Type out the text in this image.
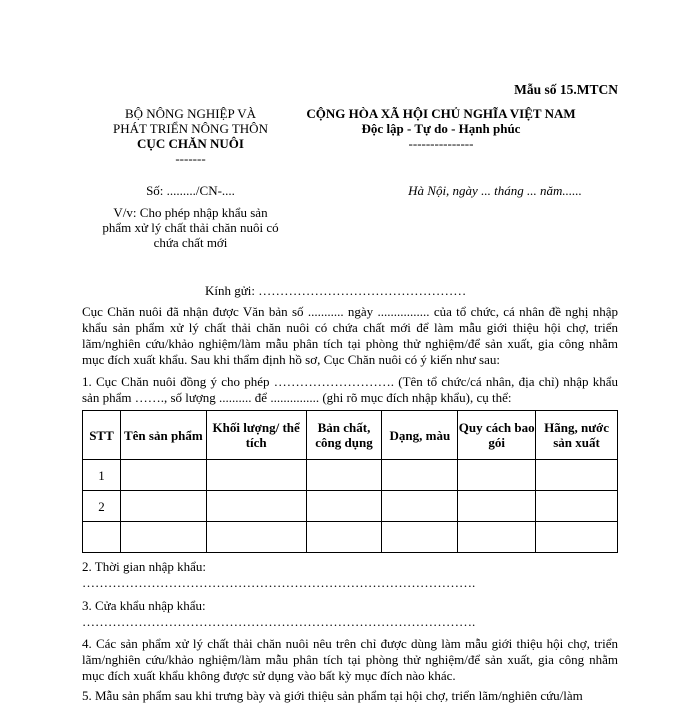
Mẫu số 15.MTCN
BỘ NÔNG NGHIỆP VÀ
PHÁT TRIỂN NÔNG THÔN
CỤC CHĂN NUÔI
-------
CỘNG HÒA XÃ HỘI CHỦ NGHĨA VIỆT NAM
Độc lập - Tự do - Hạnh phúc
---------------
Số: ........./CN-....	Hà Nội, ngày ... tháng ... năm......
V/v: Cho phép nhập khẩu sản
phẩm xử lý chất thải chăn nuôi có
chứa chất mới
Kính gửi: …………………………………………
Cục Chăn nuôi đã nhận được Văn bản số ........... ngày ................ của tổ chức, cá nhân đề nghị nhập khẩu sản phẩm xử lý chất thải chăn nuôi có chứa chất mới để làm mẫu giới thiệu hội chợ, triển lãm/nghiên cứu/khảo nghiệm/làm mẫu phân tích tại phòng thử nghiệm/để sản xuất, gia công nhằm mục đích xuất khẩu. Sau khi thẩm định hồ sơ, Cục Chăn nuôi có ý kiến như sau:
1. Cục Chăn nuôi đồng ý cho phép ………………………. (Tên tổ chức/cá nhân, địa chỉ) nhập khẩu sản phẩm ……., số lượng .......... để ............... (ghi rõ mục đích nhập khẩu), cụ thể:
STT	Tên sản phẩm	Khối lượng/ thể tích	Bản chất, công dụng	Dạng, màu	Quy cách bao gói	Hãng, nước sản xuất
1						
2						

2. Thời gian nhập khẩu: ……………………………………………………………………………….
3. Cửa khẩu nhập khẩu: ……………………………………………………………………………….
4. Các sản phẩm xử lý chất thải chăn nuôi nêu trên chỉ được dùng làm mẫu giới thiệu hội chợ, triển lãm/nghiên cứu/khảo nghiệm/làm mẫu phân tích tại phòng thử nghiệm/để sản xuất, gia công nhằm mục đích xuất khẩu không được sử dụng vào bất kỳ mục đích nào khác.
5. Mẫu sản phẩm sau khi trưng bày và giới thiệu sản phẩm tại hội chợ, triển lãm/nghiên cứu/làm
